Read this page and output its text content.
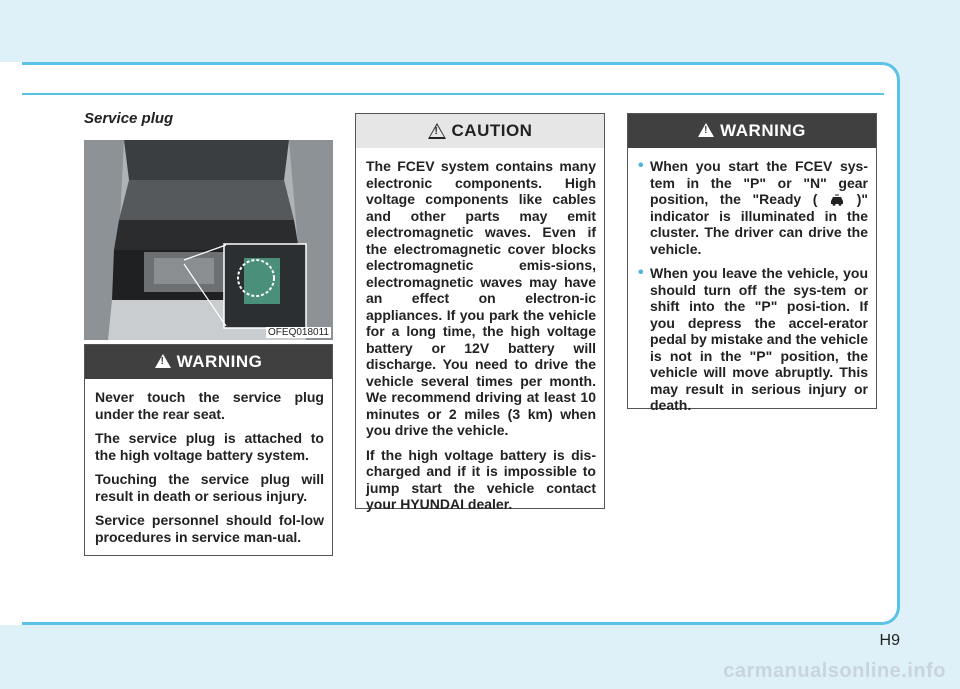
Service plug
OFEQ018011
!
WARNING

Never touch the service plug under the rear seat.

The service plug is attached to the high voltage battery system.

Touching the service plug will result in death or serious injury.

Service personnel should fol-low procedures in service man-ual.

!
CAUTION

The FCEV system contains many electronic components. High voltage components like cables and other parts may emit electromagnetic waves. Even if the electromagnetic cover blocks electromagnetic emis-sions, electromagnetic waves may have an effect on electron-ic appliances. If you park the vehicle for a long time, the high voltage battery or 12V battery will discharge. You need to drive the vehicle several times per month. We recommend driving at least 10 minutes or 2 miles (3 km) when you drive the vehicle.

If the high voltage battery is dis-charged and if it is impossible to jump start the vehicle contact your HYUNDAI dealer.

!
WARNING
• When you start the FCEV sys-tem in the "P" or "N" gear position, the "Ready (	)" indicator is illuminated in the cluster. The driver can drive the vehicle.
• When you leave the vehicle, you should turn off the sys-tem or shift into the "P" posi-tion. If you depress the accel-erator pedal by mistake and the vehicle is not in the "P" position, the vehicle will move abruptly. This may result in serious injury or death.
H9
carmanualsonline.info
